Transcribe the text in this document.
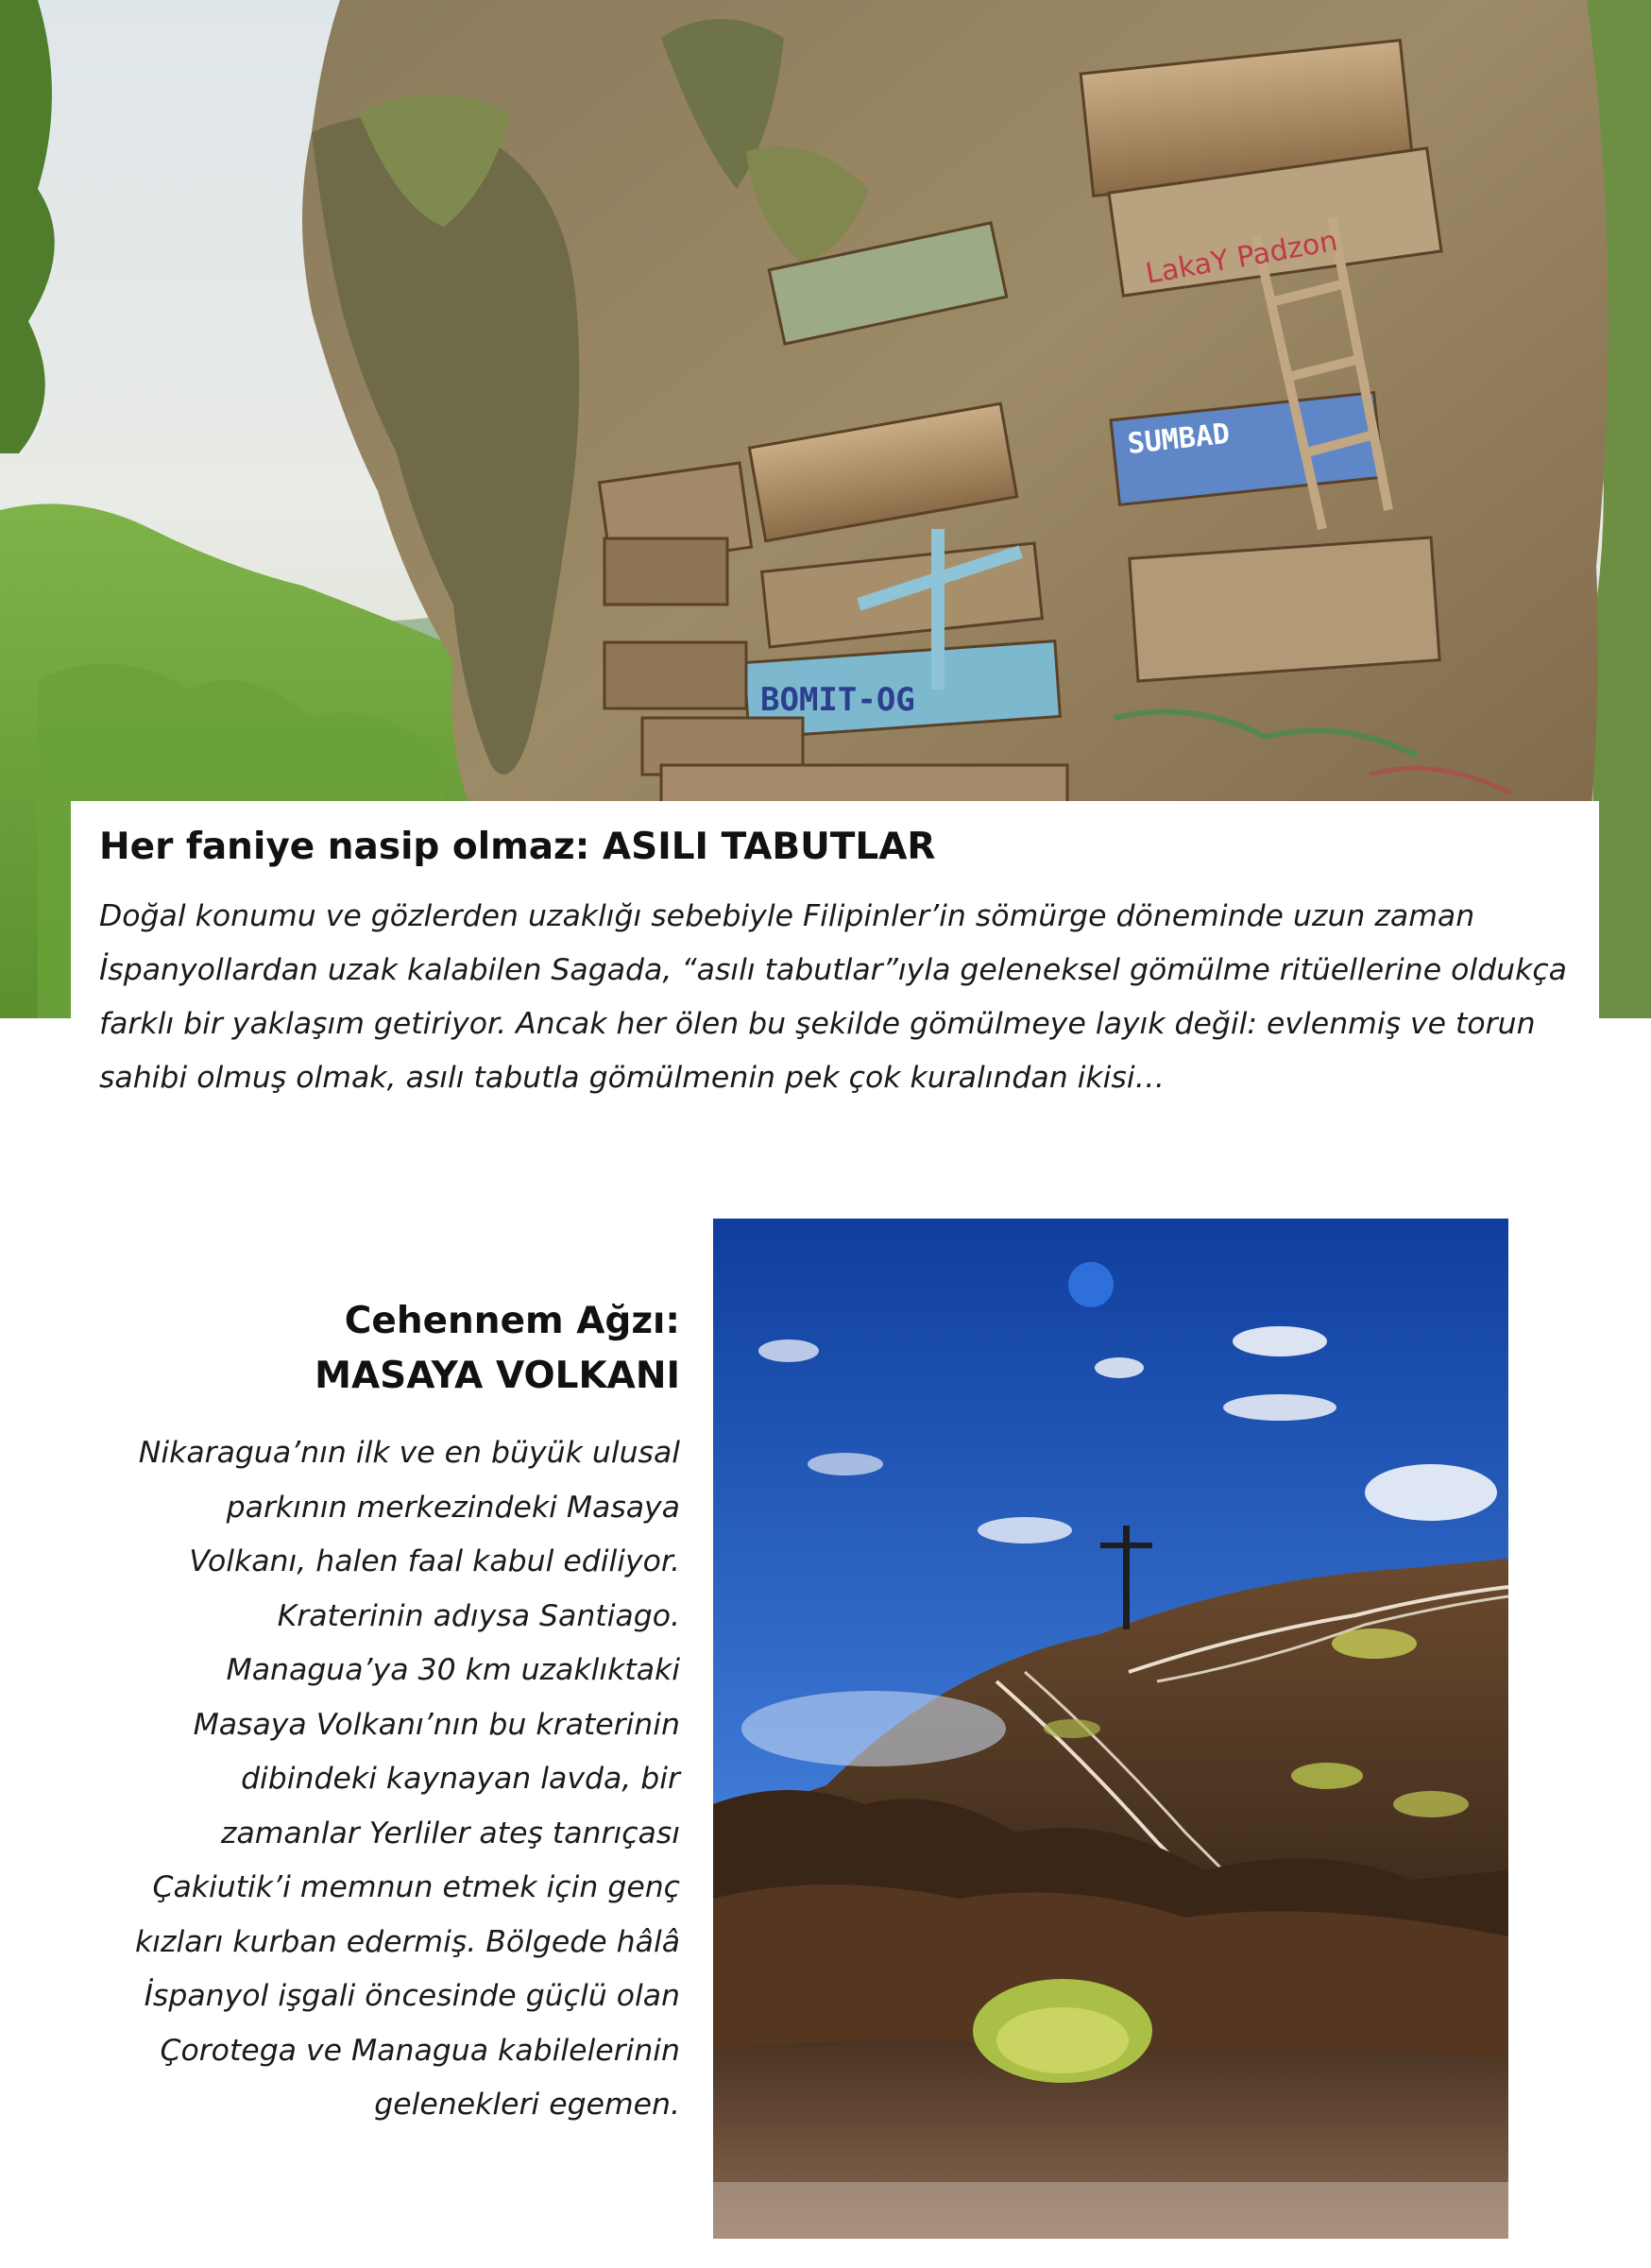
LakaY Padzon
SUMBAD
BOMIT-OG
Her faniye nasip olmaz: ASILI TABUTLAR

Doğal konumu ve gözlerden uzaklığı sebebiyle Filipinler’in sömürge döneminde uzun zaman İspanyollardan uzak kalabilen Sagada, “asılı tabutlar”ıyla geleneksel gömülme ritüellerine oldukça farklı bir yaklaşım getiriyor. Ancak her ölen bu şekilde gömülmeye layık değil: evlenmiş ve torun sahibi olmuş olmak, asılı tabutla gömülmenin pek çok kuralından ikisi…

Cehennem Ağzı:
MASAYA VOLKANI

Nikaragua’nın ilk ve en büyük ulusal parkının merkezindeki Masaya Volkanı, halen faal kabul ediliyor. Kraterinin adıysa Santiago. Managua’ya 30 km uzaklıktaki Masaya Volkanı’nın bu kraterinin dibindeki kaynayan lavda, bir zamanlar Yerliler ateş tanrıçası Çakiutik’i memnun etmek için genç kızları kurban edermiş. Bölgede hâlâ İspanyol işgali öncesinde güçlü olan Çorotega ve Managua kabilelerinin gelenekleri egemen.
